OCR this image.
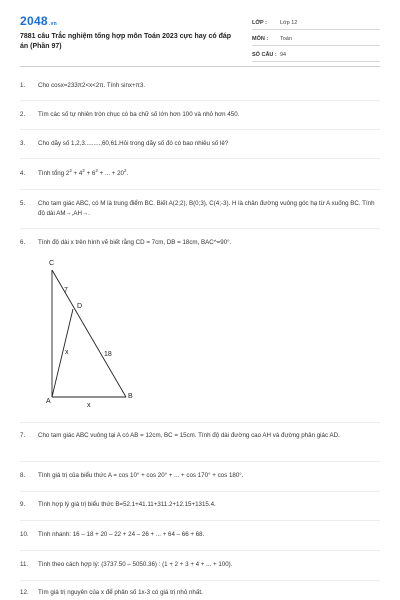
2048.vn
7881 câu Trắc nghiệm tổng hợp môn Toán 2023 cực hay có đáp án (Phần 97)
LỚP :	Lớp 12
MÔN :	Toán
SỐ CÂU : 94
1.	Cho cosx=233π2<x<2π. Tính sinx+π3.
2.	Tìm các số tự nhiên tròn chục có ba chữ số lớn hơn 100 và nhỏ hơn 450.
3.	Cho dãy số 1,2,3.........,60,61.Hỏi trong dãy số đó có bao nhiêu số lẻ?
4.	Tính tổng $2^2 + 4^2 + 6^2$ + ... + $20^2$.
5.	Cho tam giác ABC, có M là trung điểm BC. Biết A(2;2), B(0;3), C(4;-3). H là chân đường vuông góc hạ từ A xuống BC. Tính độ dài AM→,AH→.
6.	Tính độ dài x trên hình vẽ biết rằng CD = 7cm, DB = 18cm, BAC^=90°.
C
D
A
B
7
18
x
x
7.	Cho tam giác ABC vuông tại A có AB = 12cm, BC = 15cm. Tính độ dài đường cao AH và đường phân giác AD.
8.	Tính giá trị của biểu thức A = cos 10° + cos 20° + ... + cos 170° + cos 180°.
9.	Tính hợp lý giá trị biểu thức B=52.1+41.11+311.2+12.15+1315.4.
10.	Tính nhanh: 16 – 18 + 20 – 22 + 24 – 26 + ... + 64 – 66 + 68.
11.	Tính theo cách hợp lý: (3737.50 – 5050.36) : (1 + 2 + 3 + 4 + ... + 100).
12.	Tìm giá trị nguyên của x để phân số 1x-3 có giá trị nhỏ nhất.
